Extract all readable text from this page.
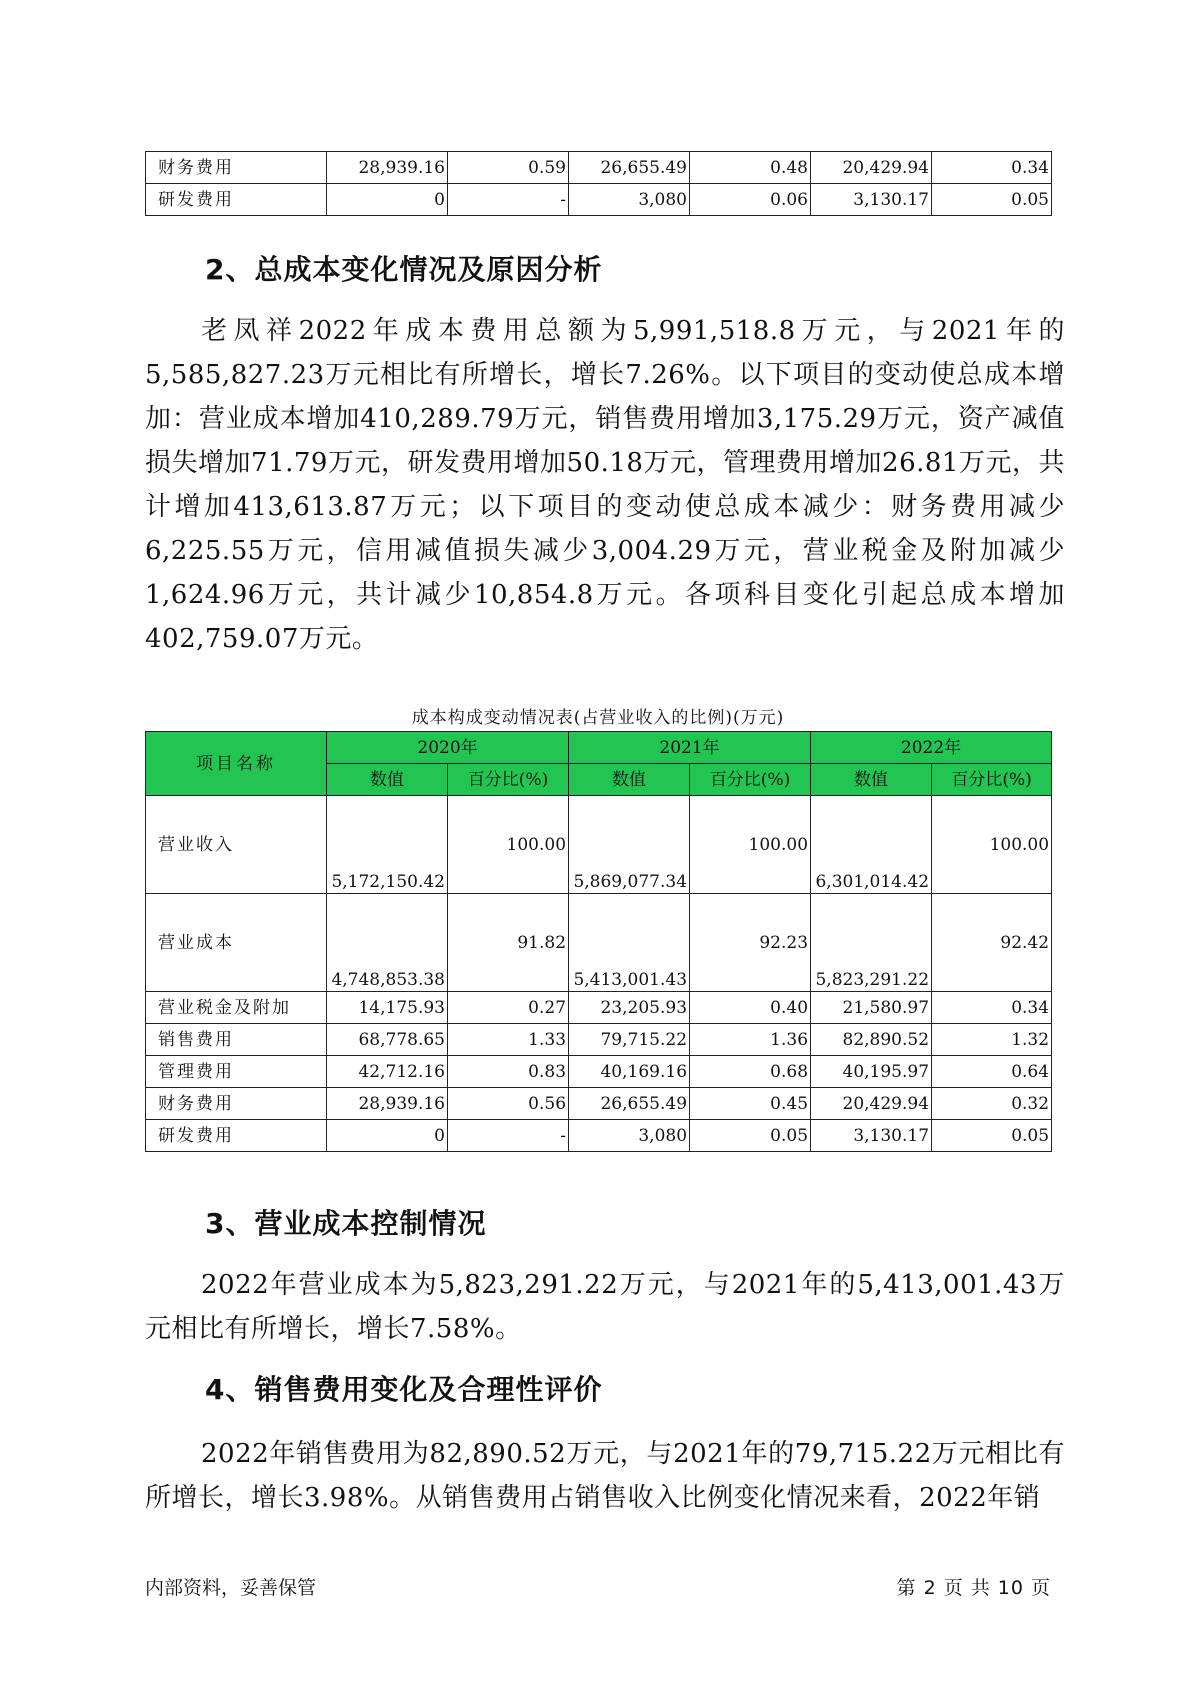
财务费用	28,939.16	0.59	26,655.49	0.48	20,429.94	0.34
研发费用	0	-	3,080	0.06	3,130.17	0.05
2、总成本变化情况及原因分析

老凤祥2022年成本费用总额为5,991,518.8万元，与2021年的5,585,827.23万元相比有所增长，增长7.26%。以下项目的变动使总成本增加：营业成本增加410,289.79万元，销售费用增加3,175.29万元，资产减值损失增加71.79万元，研发费用增加50.18万元，管理费用增加26.81万元，共计增加413,613.87万元；以下项目的变动使总成本减少：财务费用减少6,225.55万元，信用减值损失减少3,004.29万元，营业税金及附加减少1,624.96万元，共计减少10,854.8万元。各项科目变化引起总成本增加402,759.07万元。

成本构成变动情况表(占营业收入的比例)(万元)
项目名称	2020年		2021年		2022年	
	数值	百分比(%)	数值	百分比(%)	数值	百分比(%)
营业收入	5,172,150.42	100.00	5,869,077.34	100.00	6,301,014.42	100.00
营业成本	4,748,853.38	91.82	5,413,001.43	92.23	5,823,291.22	92.42
营业税金及附加	14,175.93	0.27	23,205.93	0.40	21,580.97	0.34
销售费用	68,778.65	1.33	79,715.22	1.36	82,890.52	1.32
管理费用	42,712.16	0.83	40,169.16	0.68	40,195.97	0.64
财务费用	28,939.16	0.56	26,655.49	0.45	20,429.94	0.32
研发费用	0	-	3,080	0.05	3,130.17	0.05
3、营业成本控制情况

2022年营业成本为5,823,291.22万元，与2021年的5,413,001.43万元相比有所增长，增长7.58%。

4、销售费用变化及合理性评价

2022年销售费用为82,890.52万元，与2021年的79,715.22万元相比有所增长，增长3.98%。从销售费用占销售收入比例变化情况来看，2022年销

内部资料，妥善保管	第 2 页 共 10 页
